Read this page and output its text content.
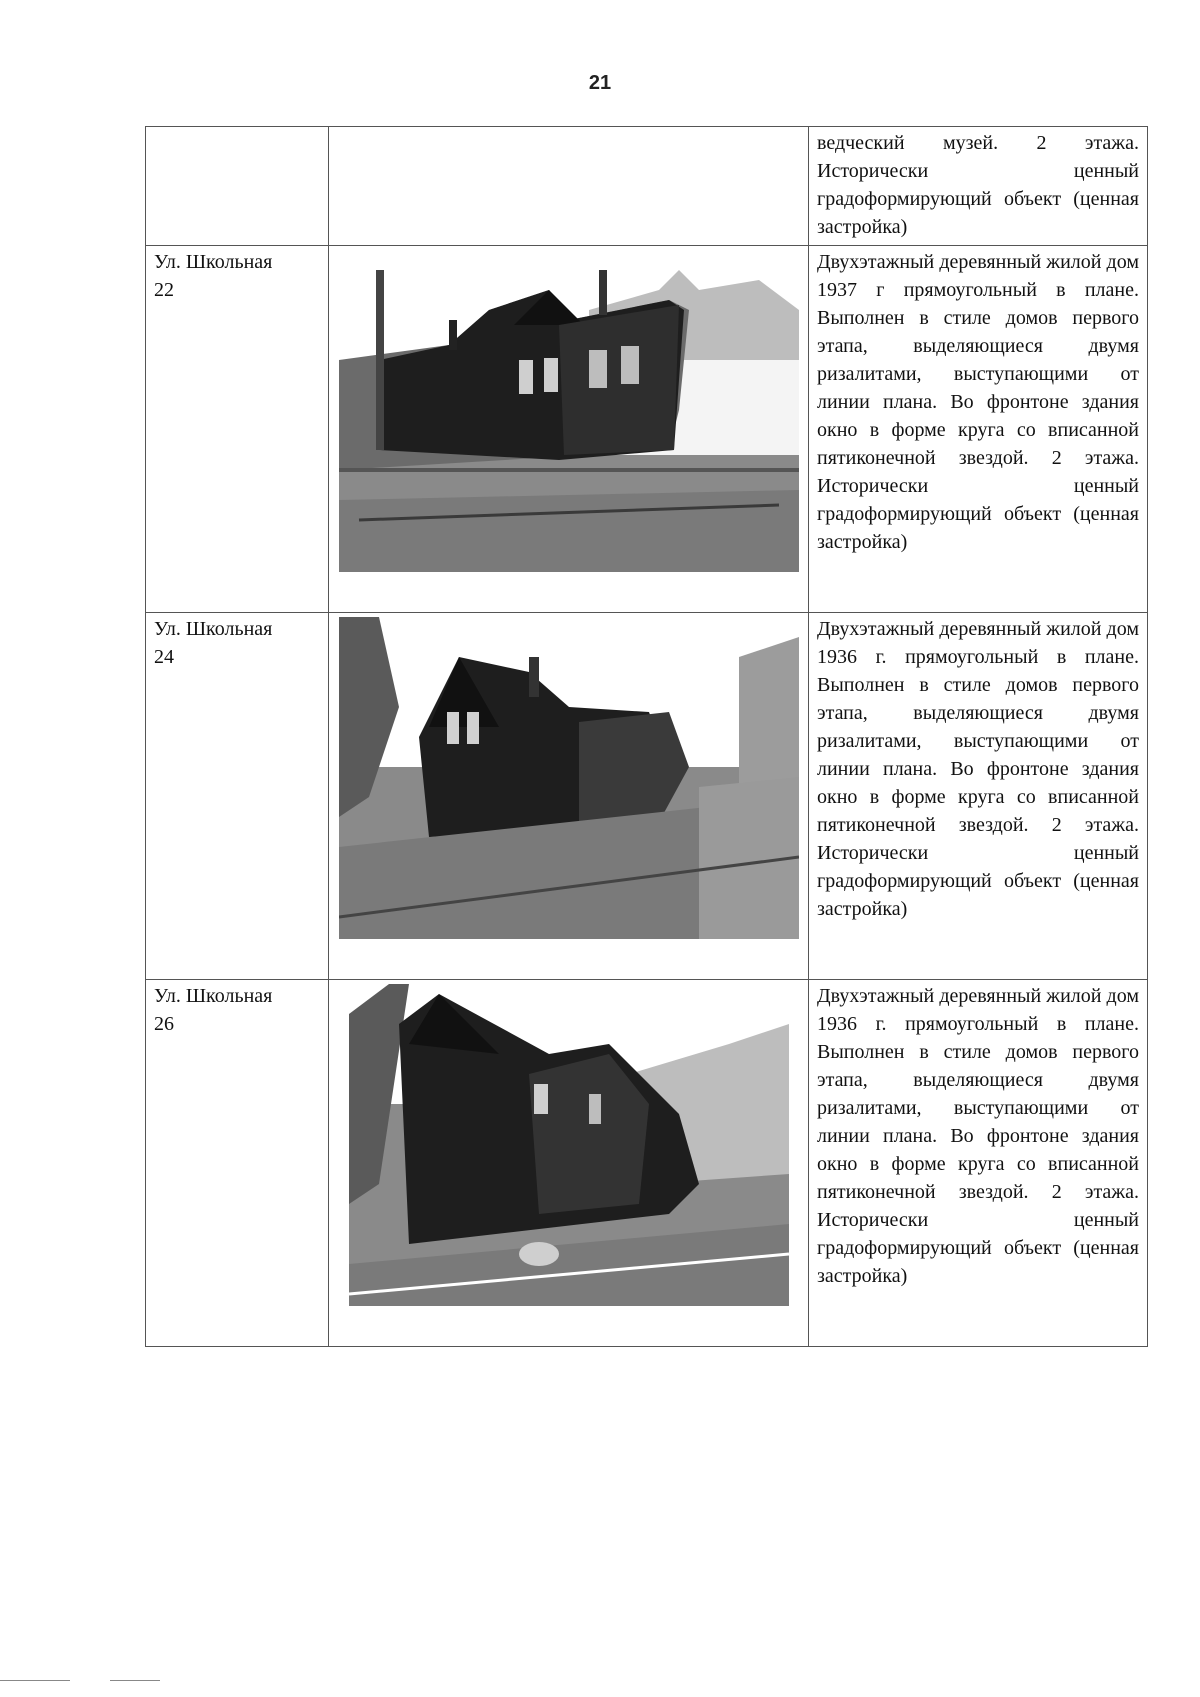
21

		ведческий музей. 2 этажа. Исторически ценный градоформирующий объект (ценная застройка)

Ул. Школьная
22		Двухэтажный деревянный жилой дом 1937 г прямоугольный в плане. Выполнен в стиле домов первого этапа, выделяющиеся двумя ризалитами, выступающими от линии плана. Во фронтоне здания окно в форме круга со вписанной пятиконечной звездой. 2 этажа. Исторически ценный градоформирующий объект (ценная застройка)

Ул. Школьная
24		Двухэтажный деревянный жилой дом 1936 г. прямоугольный в плане. Выполнен в стиле домов первого этапа, выделяющиеся двумя ризалитами, выступающими от линии плана. Во фронтоне здания окно в форме круга со вписанной пятиконечной звездой. 2 этажа. Исторически ценный градоформирующий объект (ценная застройка)

Ул. Школьная
26		Двухэтажный деревянный жилой дом 1936 г. прямоугольный в плане. Выполнен в стиле домов первого этапа, выделяющиеся двумя ризалитами, выступающими от линии плана. Во фронтоне здания окно в форме круга со вписанной пятиконечной звездой. 2 этажа. Исторически ценный градоформирующий объект (ценная застройка)
